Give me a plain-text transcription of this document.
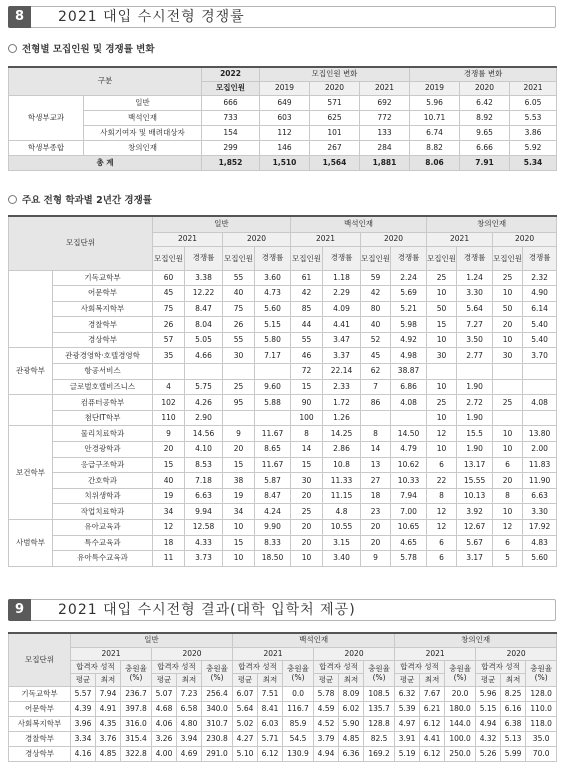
8	2021 대입 수시전형 경쟁률
전형별 모집인원 및 경쟁률 변화
구분		2022	모집인원 변화			경쟁률 변화		
		모집인원	2019	2020	2021	2019	2020	2021
학생부교과	일반	666	649	571	692	5.96	6.42	6.05
	백석인재	733	603	625	772	10.71	8.92	5.53
	사회기여자 및 배려대상자	154	112	101	133	6.74	9.65	3.86
학생부종합	창의인재	299	146	267	284	8.82	6.66	5.92
총 계		1,852	1,510	1,564	1,881	8.06	7.91	5.34
주요 전형 학과별 2년간 경쟁률
모집단위		일반				백석인재				창의인재			
		2021		2020		2021		2020		2021		2020	
		모집인원	경쟁률	모집인원	경쟁률	모집인원	경쟁률	모집인원	경쟁률	모집인원	경쟁률	모집인원	경쟁률
	기독교학부	60	3.38	55	3.60	61	1.18	59	2.24	25	1.24	25	2.32
	어문학부	45	12.22	40	4.73	42	2.29	42	5.69	10	3.30	10	4.90
	사회복지학부	75	8.47	75	5.60	85	4.09	80	5.21	50	5.64	50	6.14
	경찰학부	26	8.04	26	5.15	44	4.41	40	5.98	15	7.27	20	5.40
	경상학부	57	5.05	55	5.80	55	3.47	52	4.92	10	3.50	10	5.40
관광학부	관광경영학·호텔경영학	35	4.66	30	7.17	46	3.37	45	4.98	30	2.77	30	3.70
	항공서비스					72	22.14	62	38.87				
	글로벌호텔비즈니스	4	5.75	25	9.60	15	2.33	7	6.86	10	1.90		
	컴퓨터공학부	102	4.26	95	5.88	90	1.72	86	4.08	25	2.72	25	4.08
	첨단IT학부	110	2.90			100	1.26			10	1.90		
보건학부	물리치료학과	9	14.56	9	11.67	8	14.25	8	14.50	12	15.5	10	13.80
	안경광학과	20	4.10	20	8.65	14	2.86	14	4.79	10	1.90	10	2.00
	응급구조학과	15	8.53	15	11.67	15	10.8	13	10.62	6	13.17	6	11.83
	간호학과	40	7.18	38	5.87	30	11.33	27	10.33	22	15.55	20	11.90
	치위생학과	19	6.63	19	8.47	20	11.15	18	7.94	8	10.13	8	6.63
	작업치료학과	34	9.94	34	4.24	25	4.8	23	7.00	12	3.92	10	3.30
사범학부	유아교육과	12	12.58	10	9.90	20	10.55	20	10.65	12	12.67	12	17.92
	특수교육과	18	4.33	15	8.33	20	3.15	20	4.65	6	5.67	6	4.83
	유아특수교육과	11	3.73	10	18.50	10	3.40	9	5.78	6	3.17	5	5.60
9	2021 대입 수시전형 결과(대학 입학처 제공)
모집단위	일반						백석인재						창의인재					
	2021			2020			2021			2020			2021			2020		
	합격자 성적		충원율(%)	합격자 성적		충원율(%)	합격자 성적		충원율(%)	합격자 성적		충원율(%)	합격자 성적		충원율(%)	합격자 성적		충원율(%)
	평균	최저		평균	최저		평균	최저		평균	최저		평균	최저		평균	최저	
기독교학부	5.57	7.94	236.7	5.07	7.23	256.4	6.07	7.51	0.0	5.78	8.09	108.5	6.32	7.67	20.0	5.96	8.25	128.0
어문학부	4.39	4.91	397.8	4.68	6.58	340.0	5.64	8.41	116.7	4.59	6.02	135.7	5.39	6.21	180.0	5.15	6.16	110.0
사회복지학부	3.96	4.35	316.0	4.06	4.80	310.7	5.02	6.03	85.9	4.52	5.90	128.8	4.97	6.12	144.0	4.94	6.38	118.0
경찰학부	3.34	3.76	315.4	3.26	3.94	230.8	4.27	5.71	54.5	3.79	4.85	82.5	3.91	4.41	100.0	4.32	5.13	35.0
경상학부	4.16	4.85	322.8	4.00	4.69	291.0	5.10	6.12	130.9	4.94	6.36	169.2	5.19	6.12	250.0	5.26	5.99	70.0
